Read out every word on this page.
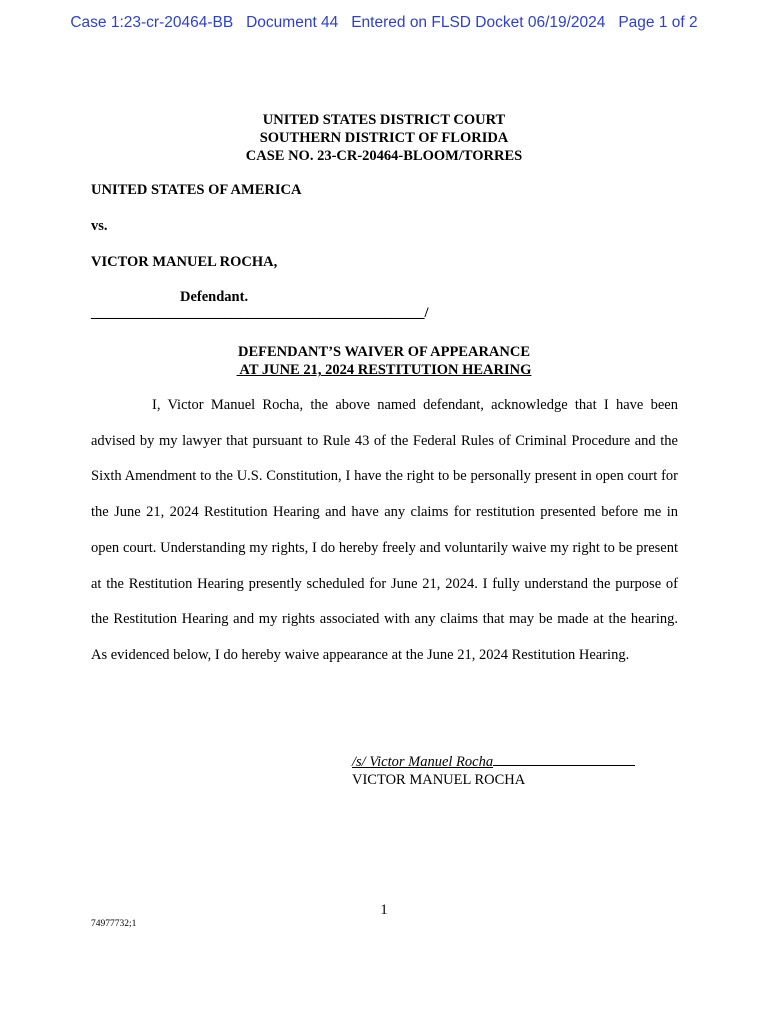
Case 1:23-cr-20464-BB   Document 44   Entered on FLSD Docket 06/19/2024   Page 1 of 2
UNITED STATES DISTRICT COURT
SOUTHERN DISTRICT OF FLORIDA
CASE NO. 23-CR-20464-BLOOM/TORRES
UNITED STATES OF AMERICA
vs.
VICTOR MANUEL ROCHA,
Defendant.
______________________________________________/
DEFENDANT’S WAIVER OF APPEARANCE
AT JUNE 21, 2024 RESTITUTION HEARING

I, Victor Manuel Rocha, the above named defendant, acknowledge that I have been advised by my lawyer that pursuant to Rule 43 of the Federal Rules of Criminal Procedure and the Sixth Amendment to the U.S. Constitution, I have the right to be personally present in open court for the June 21, 2024 Restitution Hearing and have any claims for restitution presented before me in open court. Understanding my rights, I do hereby freely and voluntarily waive my right to be present at the Restitution Hearing presently scheduled for June 21, 2024. I fully understand the purpose of the Restitution Hearing and my rights associated with any claims that may be made at the hearing. As evidenced below, I do hereby waive appearance at the June 21, 2024 Restitution Hearing.

/s/ Victor Manuel Rocha
VICTOR MANUEL ROCHA
1
74977732;1
